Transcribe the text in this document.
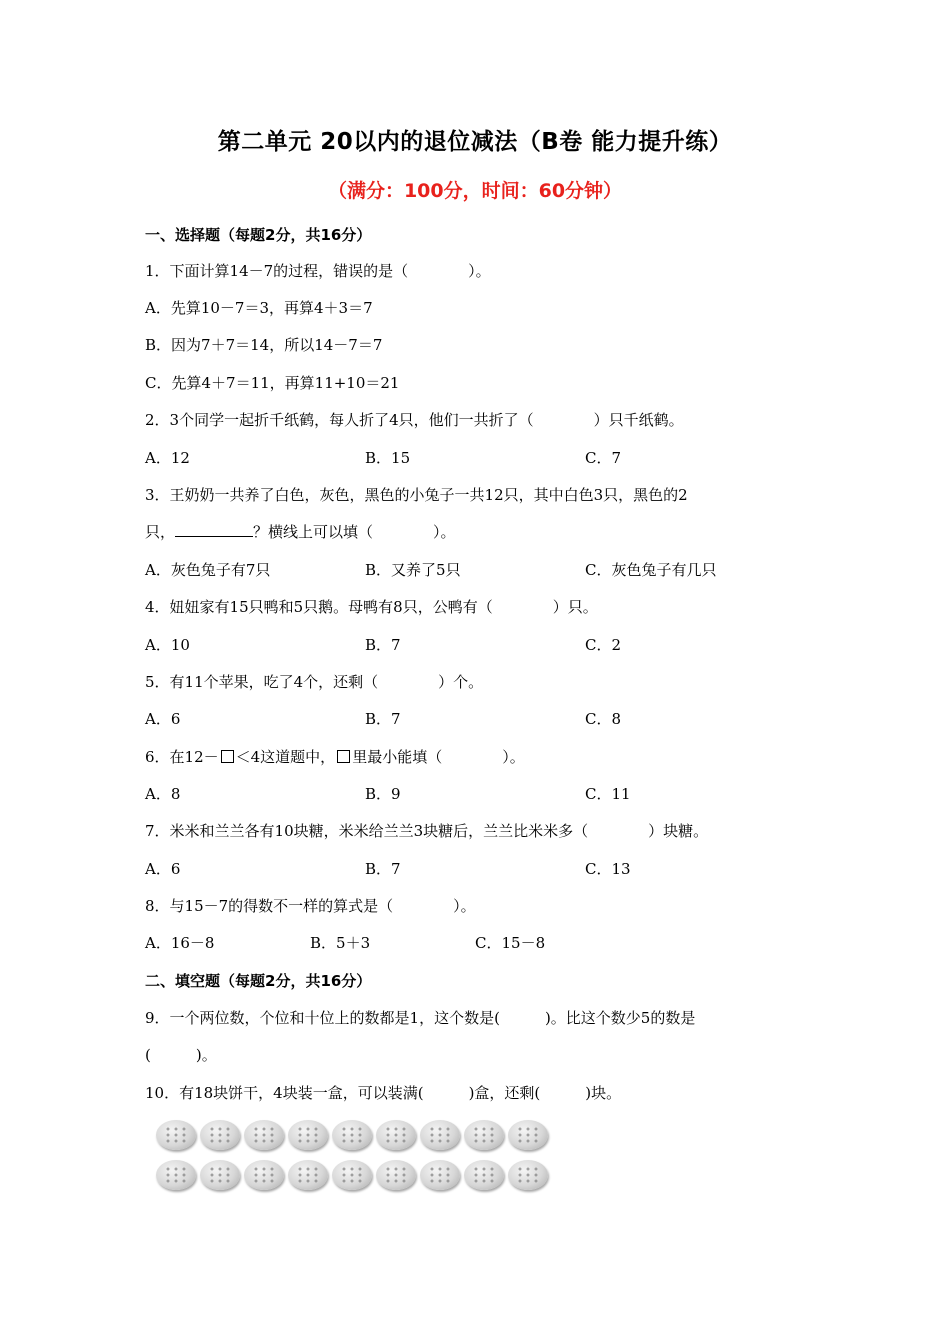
第二单元 20以内的退位减法（B卷 能力提升练）
（满分：100分，时间：60分钟）
一、选择题（每题2分，共16分）
1．下面计算14－7的过程，错误的是（　　　　）。
A．先算10－7＝3，再算4＋3＝7
B．因为7＋7＝14，所以14－7＝7
C．先算4＋7＝11，再算11+10＝21
2．3个同学一起折千纸鹤，每人折了4只，他们一共折了（　　　　）只千纸鹤。
A．12	B．15	C．7
3．王奶奶一共养了白色，灰色，黑色的小兔子一共12只，其中白色3只，黑色的2
只，	？横线上可以填（　　　　）。
A．灰色兔子有7只	B．又养了5只	C．灰色兔子有几只
4．妞妞家有15只鸭和5只鹅。母鸭有8只，公鸭有（　　　　）只。
A．10	B．7	C．2
5．有11个苹果，吃了4个，还剩（　　　　）个。
A．6	B．7	C．8
6．在12－ ＜4这道题中， 里最小能填（　　　　）。
A．8	B．9	C．11
7．米米和兰兰各有10块糖，米米给兰兰3块糖后，兰兰比米米多（　　　　）块糖。
A．6	B．7	C．13
8．与15－7的得数不一样的算式是（　　　　）。
A．16－8	B．5＋3	C．15－8
二、填空题（每题2分，共16分）
9．一个两位数，个位和十位上的数都是1，这个数是(　　　)。比这个数少5的数是
(　　　)。
10．有18块饼干，4块装一盒，可以装满(　　　)盒，还剩(　　　)块。
